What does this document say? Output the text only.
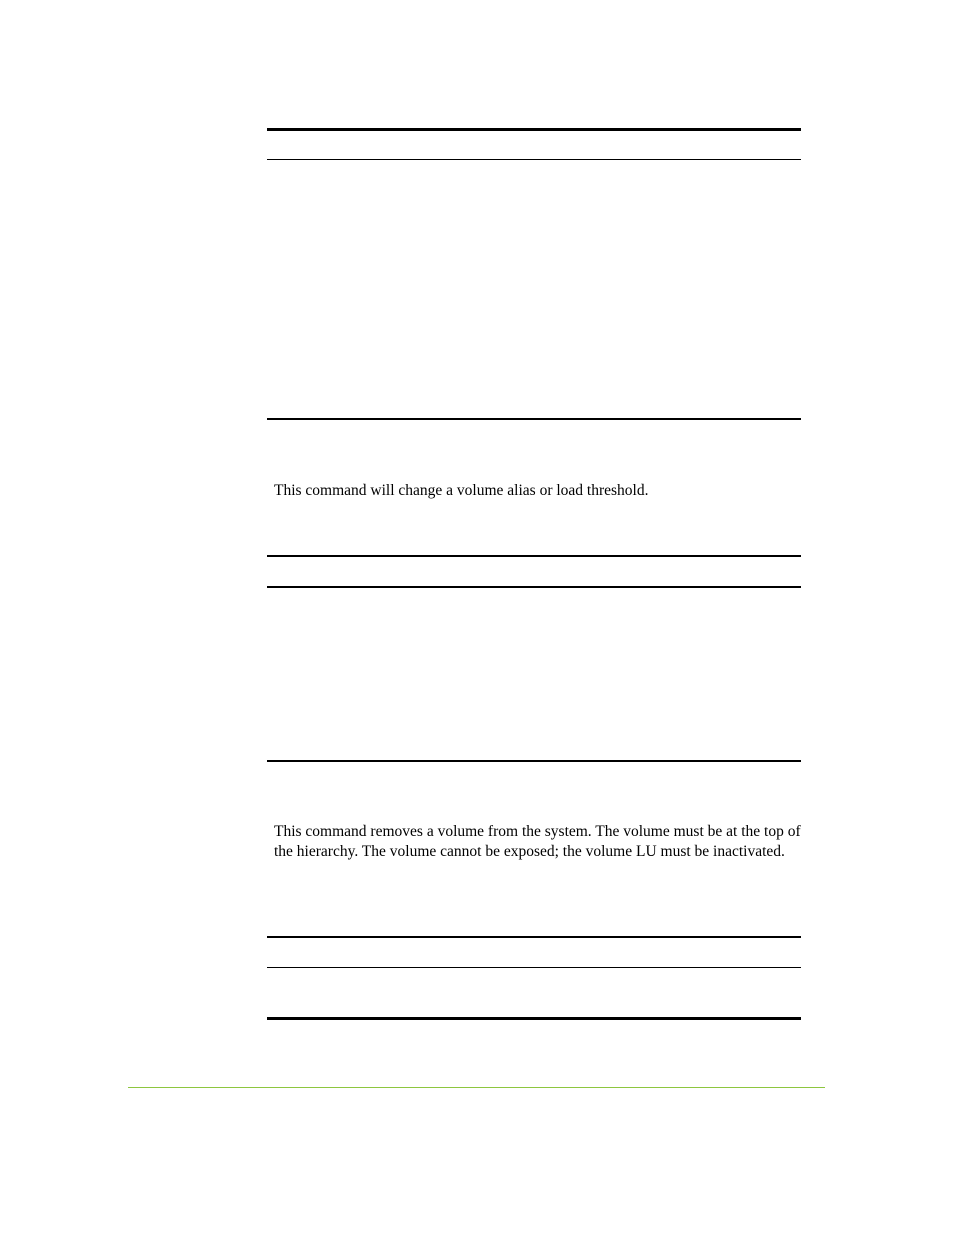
This command will change a volume alias or load threshold.

This command removes a volume from the system. The volume must be at the top of the hierarchy. The volume cannot be exposed; the volume LU must be inactivated.
